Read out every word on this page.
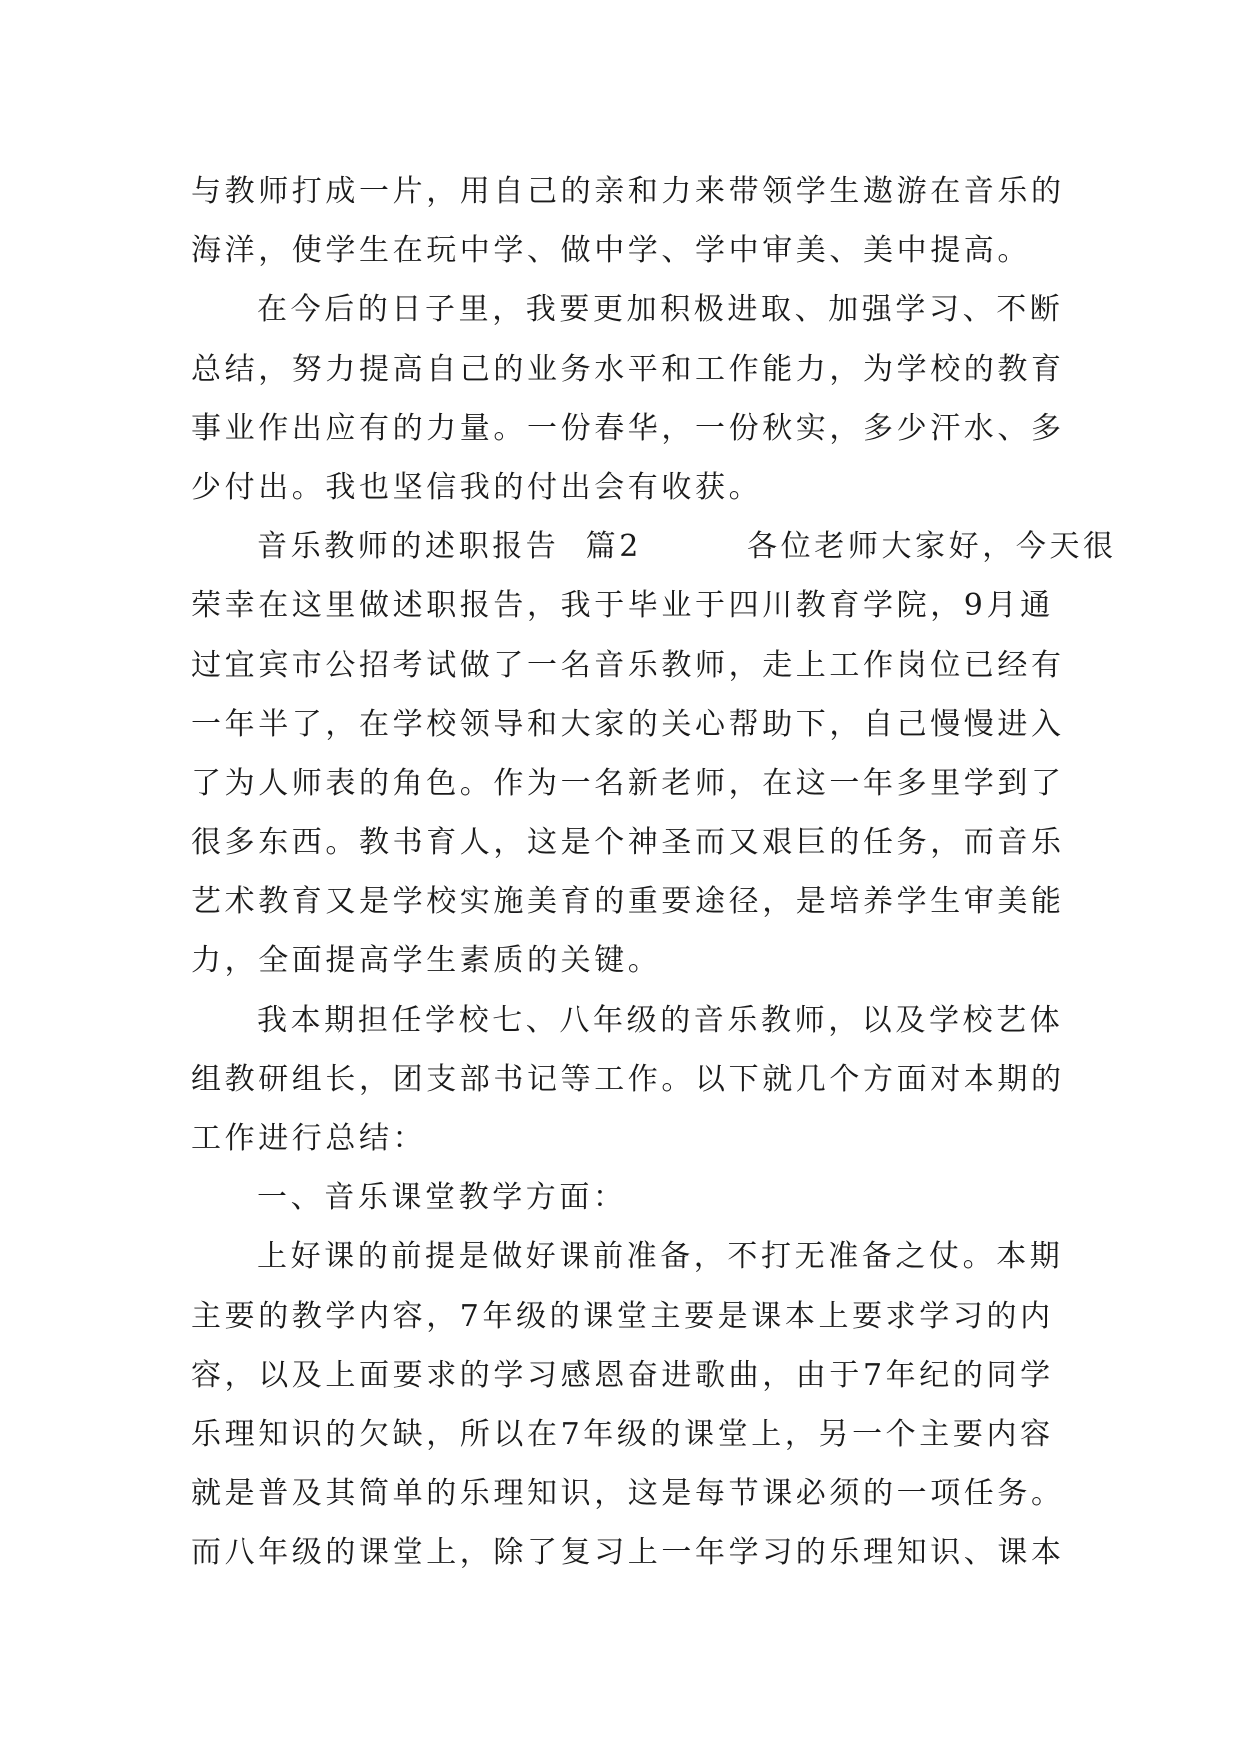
与教师打成一片，用自己的亲和力来带领学生遨游在音乐的
海洋，使学生在玩中学、做中学、学中审美、美中提高。
在今后的日子里，我要更加积极进取、加强学习、不断
总结，努力提高自己的业务水平和工作能力，为学校的教育
事业作出应有的力量。一份春华，一份秋实，多少汗水、多
少付出。我也坚信我的付出会有收获。
音乐教师的述职报告  篇2        各位老师大家好，今天很
荣幸在这里做述职报告，我于毕业于四川教育学院，9月通
过宜宾市公招考试做了一名音乐教师，走上工作岗位已经有
一年半了，在学校领导和大家的关心帮助下，自己慢慢进入
了为人师表的角色。作为一名新老师，在这一年多里学到了
很多东西。教书育人，这是个神圣而又艰巨的任务，而音乐
艺术教育又是学校实施美育的重要途径，是培养学生审美能
力，全面提高学生素质的关键。
我本期担任学校七、八年级的音乐教师，以及学校艺体
组教研组长，团支部书记等工作。以下就几个方面对本期的
工作进行总结：
一、音乐课堂教学方面：
上好课的前提是做好课前准备，不打无准备之仗。本期
主要的教学内容，7年级的课堂主要是课本上要求学习的内
容，以及上面要求的学习感恩奋进歌曲，由于7年纪的同学
乐理知识的欠缺，所以在7年级的课堂上，另一个主要内容
就是普及其简单的乐理知识，这是每节课必须的一项任务。
而八年级的课堂上，除了复习上一年学习的乐理知识、课本
